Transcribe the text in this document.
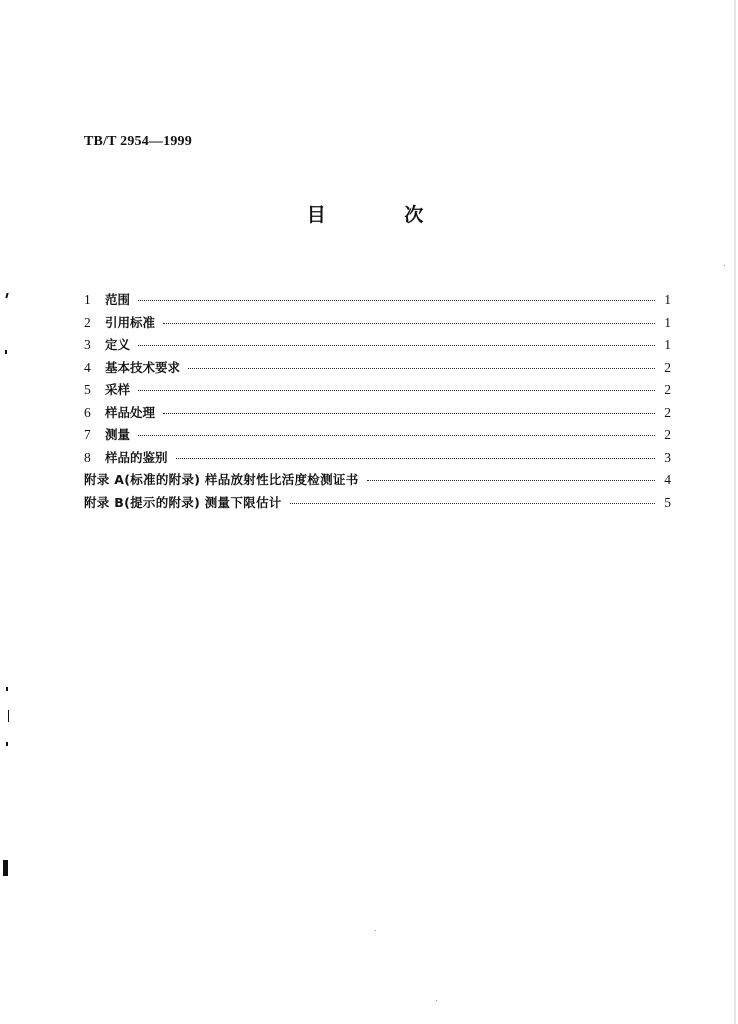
TB/T 2954—1999
目 次
1	范围	1
2	引用标准	1
3	定义	1
4	基本技术要求	2
5	采样	2
6	样品处理	2
7	测量	2
8	样品的鉴别	3
附录 A(标准的附录) 样品放射性比活度检测证书	4
附录 B(提示的附录) 测量下限估计	5
